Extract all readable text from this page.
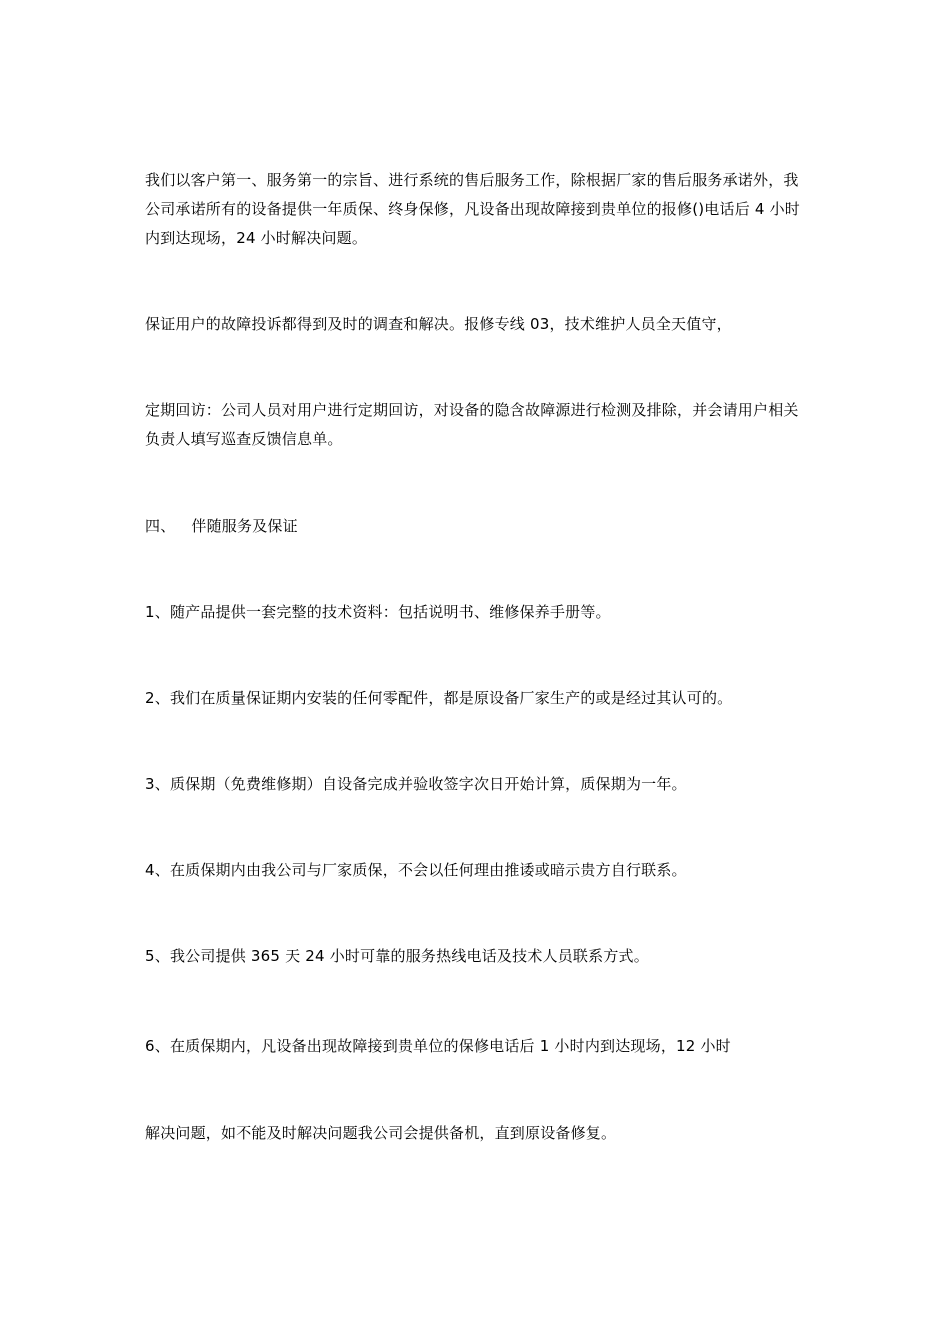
我们以客户第一、服务第一的宗旨、进行系统的售后服务工作，除根据厂家的售后服务承诺外，我公司承诺所有的设备提供一年质保、终身保修，凡设备出现故障接到贵单位的报修()电话后 4 小时内到达现场，24 小时解决问题。

保证用户的故障投诉都得到及时的调查和解决。报修专线 03，技术维护人员全天值守，

定期回访：公司人员对用户进行定期回访，对设备的隐含故障源进行检测及排除，并会请用户相关负责人填写巡查反馈信息单。

四、 伴随服务及保证

1、随产品提供一套完整的技术资料：包括说明书、维修保养手册等。

2、我们在质量保证期内安装的任何零配件，都是原设备厂家生产的或是经过其认可的。

3、质保期（免费维修期）自设备完成并验收签字次日开始计算，质保期为一年。

4、在质保期内由我公司与厂家质保，不会以任何理由推诿或暗示贵方自行联系。

5、我公司提供 365 天 24 小时可靠的服务热线电话及技术人员联系方式。

6、在质保期内，凡设备出现故障接到贵单位的保修电话后 1 小时内到达现场，12 小时

解决问题，如不能及时解决问题我公司会提供备机，直到原设备修复。
